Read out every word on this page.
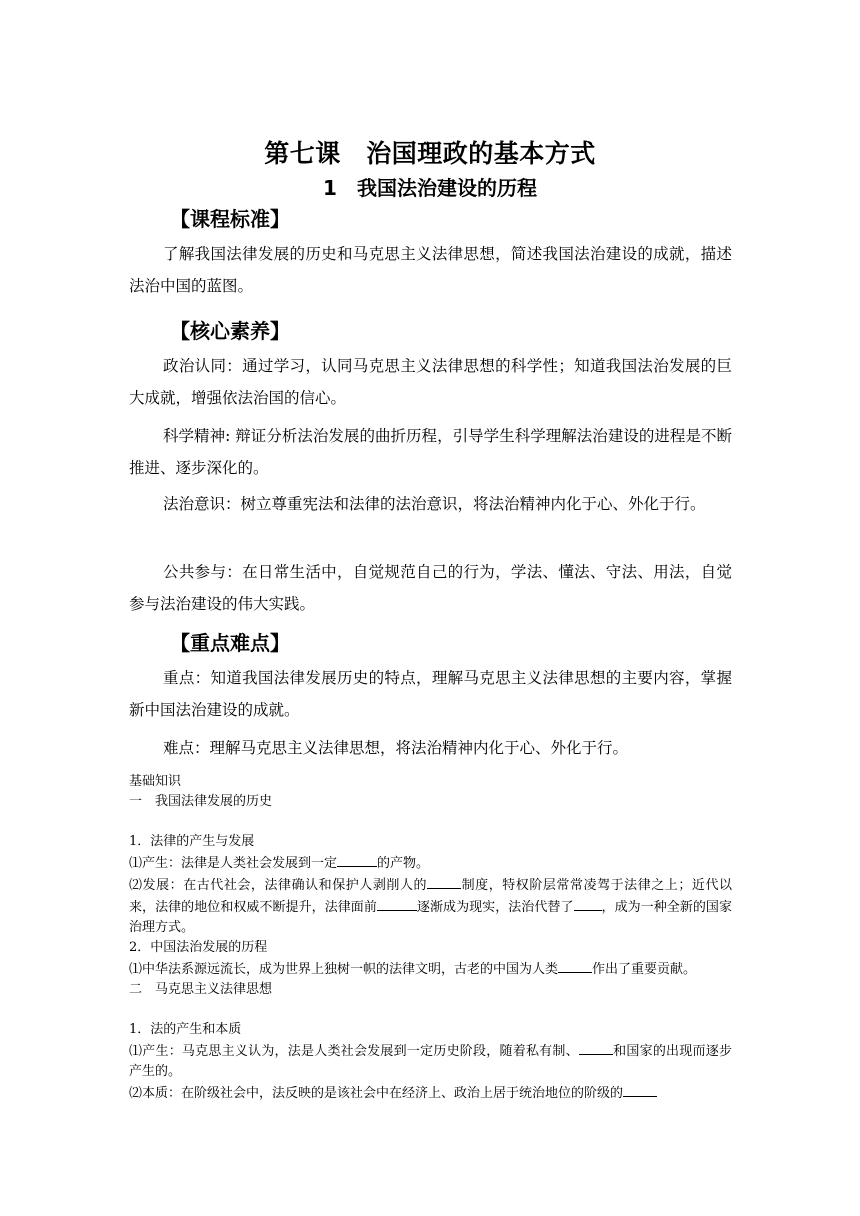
第七课　治国理政的基本方式
1　我国法治建设的历程
【课程标准】
了解我国法律发展的历史和马克思主义法律思想，简述我国法治建设的成就，描述法治中国的蓝图。
【核心素养】
政治认同：通过学习，认同马克思主义法律思想的科学性；知道我国法治发展的巨大成就，增强依法治国的信心。
科学精神: 辩证分析法治发展的曲折历程，引导学生科学理解法治建设的进程是不断推进、逐步深化的。
法治意识：树立尊重宪法和法律的法治意识，将法治精神内化于心、外化于行。
公共参与：在日常生活中，自觉规范自己的行为，学法、懂法、守法、用法，自觉参与法治建设的伟大实践。
【重点难点】
重点：知道我国法律发展历史的特点，理解马克思主义法律思想的主要内容，掌握新中国法治建设的成就。
难点：理解马克思主义法律思想，将法治精神内化于心、外化于行。

基础知识

一　我国法律发展的历史

1．法律的产生与发展

⑴产生：法律是人类社会发展到一定	的产物。

⑵发展：在古代社会，法律确认和保护人剥削人的	制度，特权阶层常常凌驾于法律之上；近代以来，法律的地位和权威不断提升，法律面前	逐渐成为现实，法治代替了 ，成为一种全新的国家治理方式。

2．中国法治发展的历程

⑴中华法系源远流长，成为世界上独树一帜的法律文明，古老的中国为人类	作出了重要贡献。

二　马克思主义法律思想

1．法的产生和本质

⑴产生：马克思主义认为，法是人类社会发展到一定历史阶段，随着私有制、	和国家的出现而逐步产生的。

⑵本质：在阶级社会中，法反映的是该社会中在经济上、政治上居于统治地位的阶级的
